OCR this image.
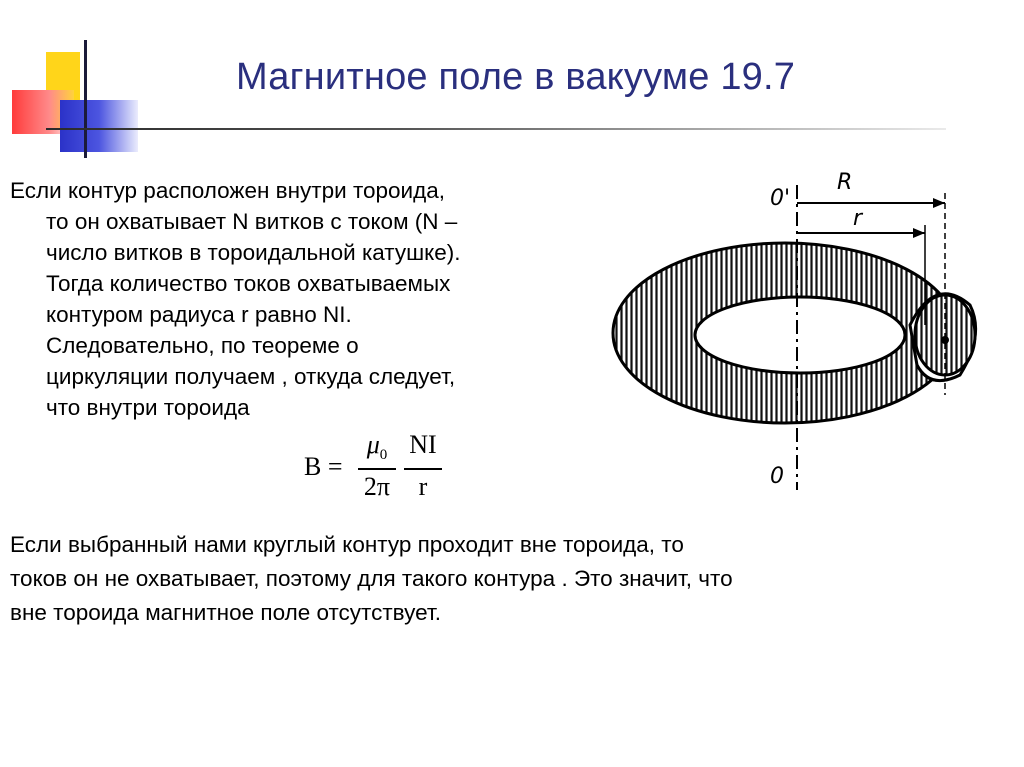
Магнитное поле в вакууме 19.7
Если контур расположен внутри тороида,
то он охватывает N витков с током (N –
число витков в тороидальной катушке).
Тогда количество токов охватываемых
контуром радиуса r равно NI.
Следовательно, по теореме о
циркуляции получаем , откуда следует,
что внутри тороида
B =
$\mu_0$
2π
NI
r
Если выбранный нами круглый контур проходит вне тороида, то
токов он не охватывает, поэтому для такого контура . Это значит, что
вне тороида магнитное поле отсутствует.
0'
0
R
r
